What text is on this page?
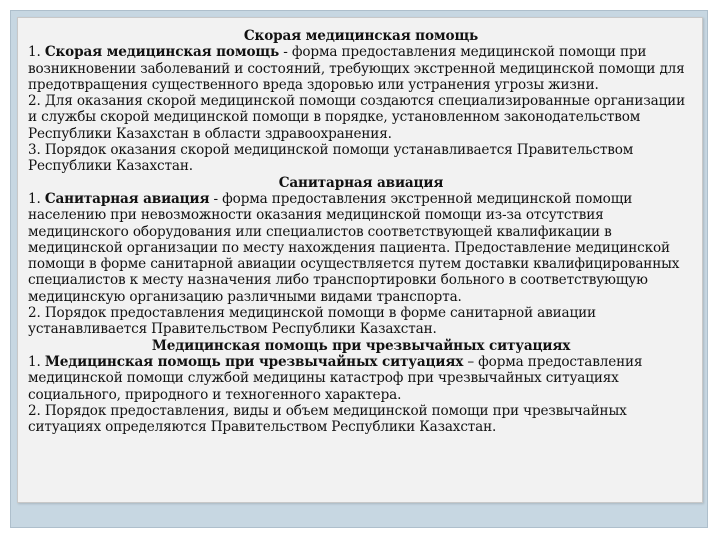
Скорая медицинская помощь

1. Скорая медицинская помощь - форма предоставления медицинской помощи при возникновении заболеваний и состояний, требующих экстренной медицинской помощи для предотвращения существенного вреда здоровью или устранения угрозы жизни.

2. Для оказания скорой медицинской помощи создаются специализированные организации и службы скорой медицинской помощи в порядке, установленном законодательством Республики Казахстан в области здравоохранения.

3. Порядок оказания скорой медицинской помощи устанавливается Правительством Республики Казахстан.

Санитарная авиация

1. Санитарная авиация - форма предоставления экстренной медицинской помощи населению при невозможности оказания медицинской помощи из-за отсутствия медицинского оборудования или специалистов соответствующей квалификации в медицинской организации по месту нахождения пациента. Предоставление медицинской помощи в форме санитарной авиации осуществляется путем доставки квалифицированных специалистов к месту назначения либо транспортировки больного в соответствующую медицинскую организацию различными видами транспорта.

2. Порядок предоставления медицинской помощи в форме санитарной авиации устанавливается Правительством Республики Казахстан.

Медицинская помощь при чрезвычайных ситуациях

1. Медицинская помощь при чрезвычайных ситуациях – форма предоставления медицинской помощи службой медицины катастроф при чрезвычайных ситуациях социального, природного и техногенного характера.

2. Порядок предоставления, виды и объем медицинской помощи при чрезвычайных ситуациях определяются Правительством Республики Казахстан.
